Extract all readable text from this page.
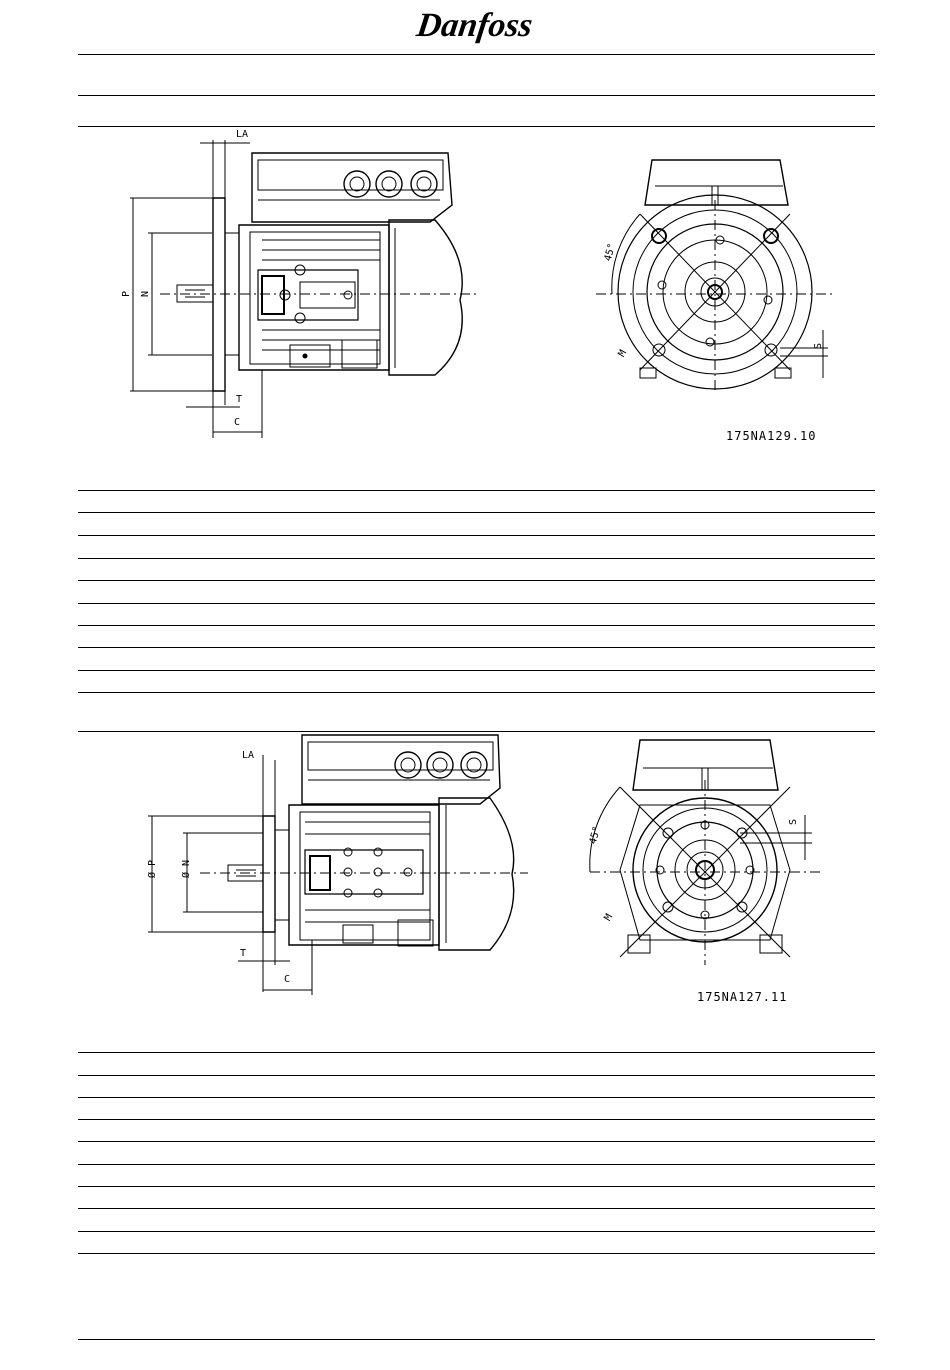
Danfoss
LA
P N
T
C
45°
M
S
175NA129.10
LA
Ø P Ø N
T
C
45°
M
S
175NA127.11
